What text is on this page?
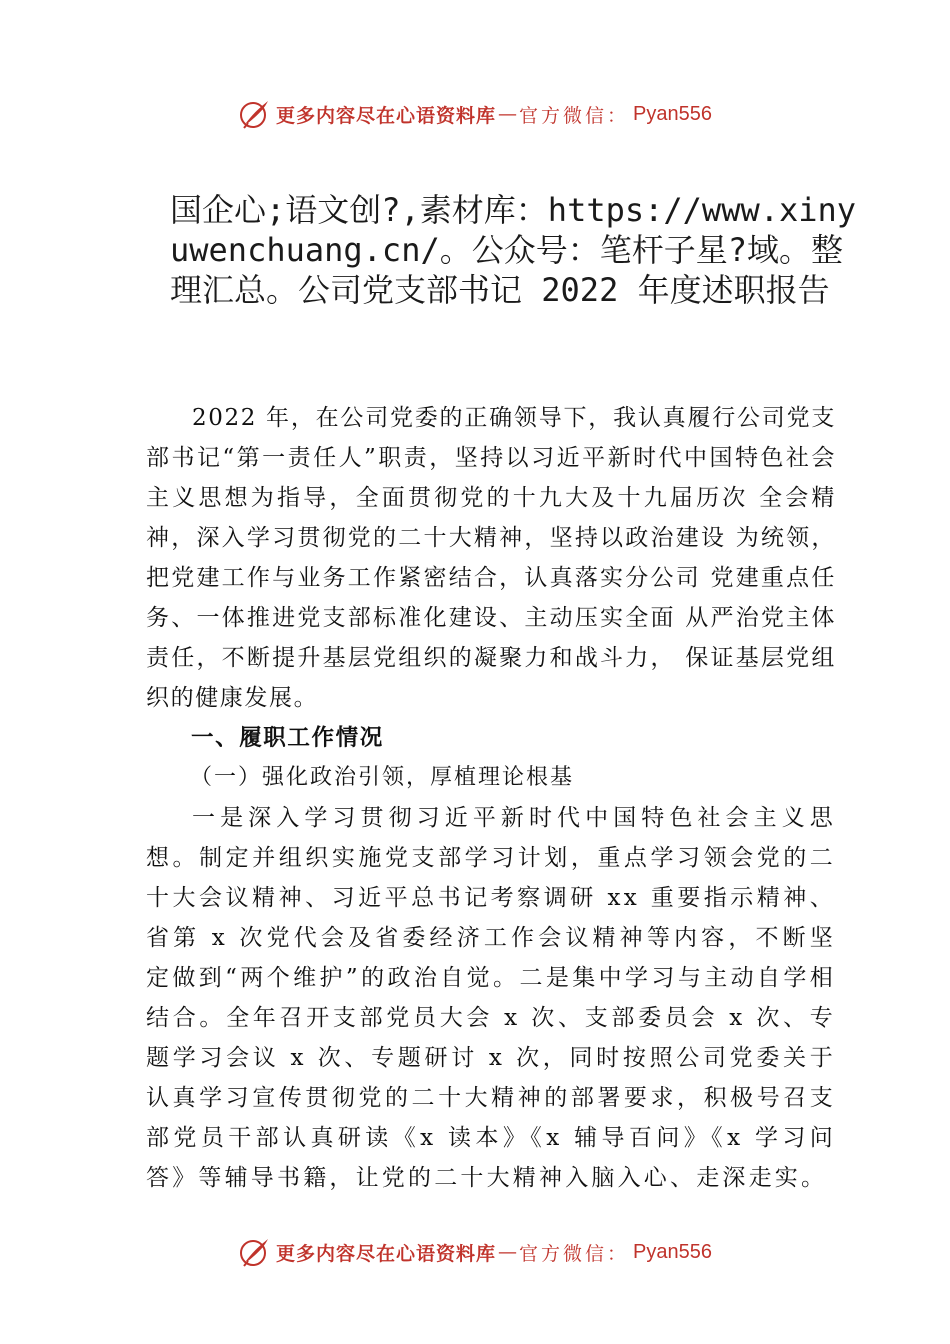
更多内容尽在心语资料库 — 官方微信： Pyan556
国企心;语文创?,素材库：https://www.xinyuwenchuang.cn/。公众号：笔杆子星?域。整理汇总。公司党支部书记 2022 年度述职报告

2022 年，在公司党委的正确领导下，我认真履行公司党支部书记“第一责任人”职责，坚持以习近平新时代中国特色社会主义思想为指导，全面贯彻党的十九大及十九届历次 全会精神，深入学习贯彻党的二十大精神，坚持以政治建设 为统领，把党建工作与业务工作紧密结合，认真落实分公司 党建重点任务、一体推进党支部标准化建设、主动压实全面 从严治党主体责任，不断提升基层党组织的凝聚力和战斗力， 保证基层党组织的健康发展。

一、履职工作情况

（一）强化政治引领，厚植理论根基

一是深入学习贯彻习近平新时代中国特色社会主义思想。制定并组织实施党支部学习计划，重点学习领会党的二十大会议精神、习近平总书记考察调研 xx 重要指示精神、省第 x 次党代会及省委经济工作会议精神等内容，不断坚定做到“两个维护”的政治自觉。二是集中学习与主动自学相结合。全年召开支部党员大会 x 次、支部委员会 x 次、专题学习会议 x 次、专题研讨 x 次，同时按照公司党委关于认真学习宣传贯彻党的二十大精神的部署要求，积极号召支部党员干部认真研读《x 读本》《x 辅导百问》《x 学习问答》等辅导书籍，让党的二十大精神入脑入心、走深走实。

更多内容尽在心语资料库 — 官方微信： Pyan556
